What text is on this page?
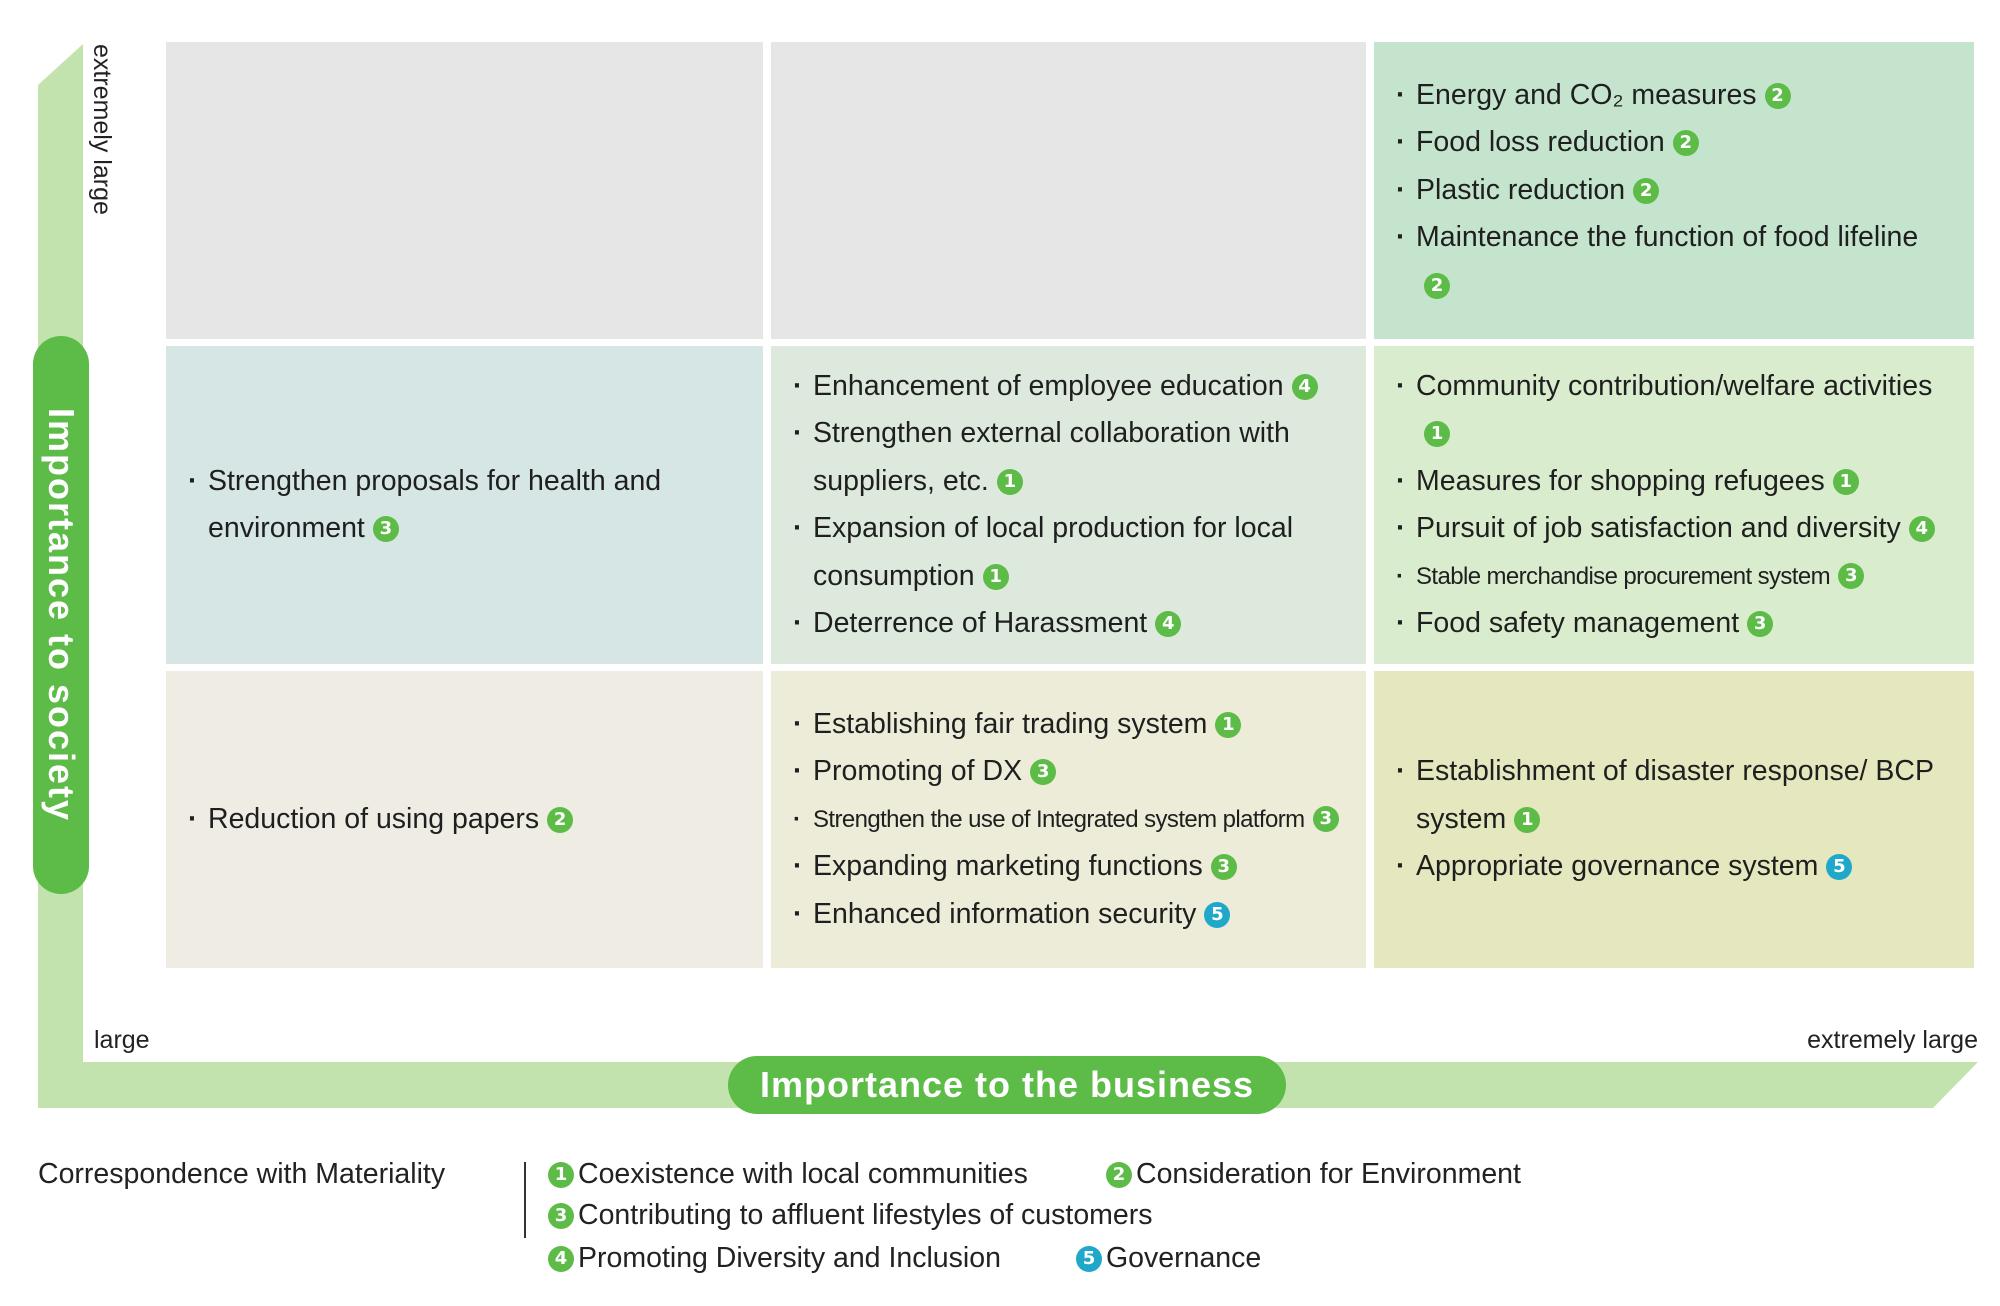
extremely large
large	extremely large
Importance to society
Importance to the business
· Energy and CO₂ measures 2
· Food loss reduction 2
· Plastic reduction 2
· Maintenance the function of food lifeline2
· Strengthen proposals for health and environment 3
· Enhancement of employee education 4
· Strengthen external collaboration with suppliers, etc. 1
· Expansion of local production for local consumption 1
· Deterrence of Harassment 4
· Community contribution/welfare activities1
· Measures for shopping refugees 1
· Pursuit of job satisfaction and diversity 4
· Stable merchandise procurement system 3
· Food safety management 3
· Reduction of using papers 2
· Establishing fair trading system 1
· Promoting of DX 3
· Strengthen the use of Integrated system platform 3
· Expanding marketing functions 3
· Enhanced information security 5
· Establishment of disaster response/ BCP system 1
· Appropriate governance system 5
Correspondence with Materiality	1 Coexistence with local communities	2 Consideration for Environment
3 Contributing to affluent lifestyles of customers
4 Promoting Diversity and Inclusion	5 Governance
